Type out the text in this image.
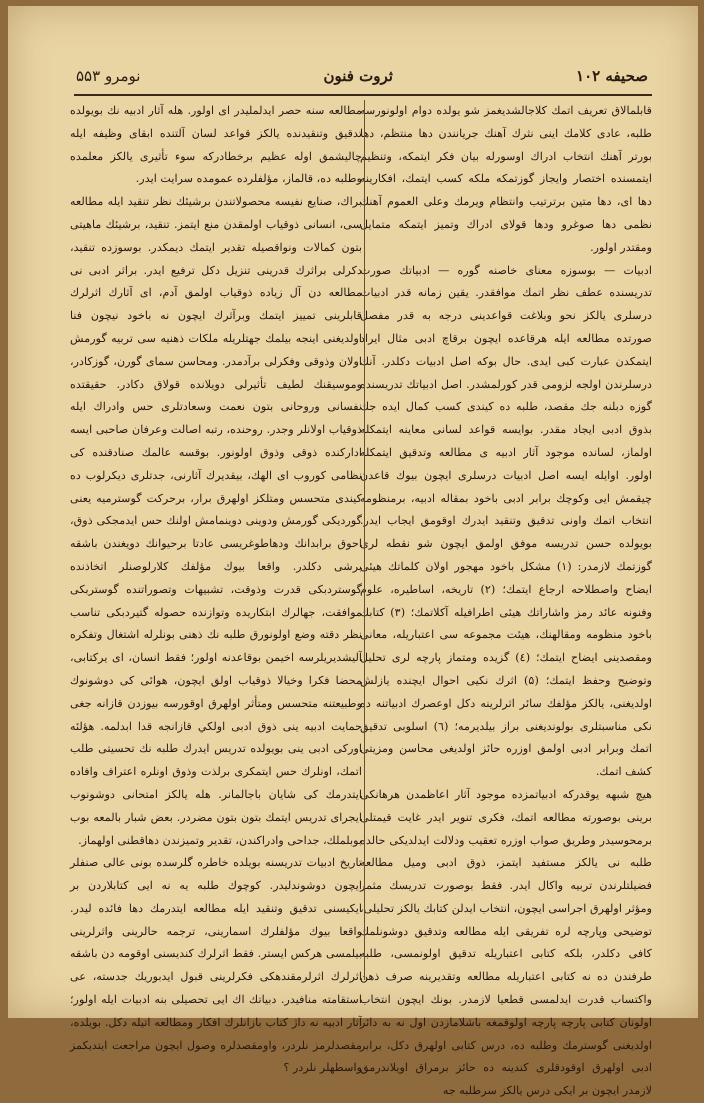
صحيفه ۱۰۲
ثروت فنون
نومرو ۵۵۳

قابلمالاق تعريف اتمك كلاجالشديغمز شو يولده دوام اولونورسه طلبه، عادى كلامك اينى نثرك آهنك جريانندن دها منتظم، دها بورتر آهنك انتخاب ادراك اوسورله بيان فكر ايتمكه، وتنظيم ايتمسنده اختصار وايجاز گوزتمكه ملكه كسب ايتمك، افكارينه دها اى، دها متين برترتيب وانتظام ويرمك وعلى العموم آهنك نظمى دها صوغرو ودها قولاى ادراك وتميز ايتمكه متمايل ومقتدر اولور.

ادبيات — بوسوزه معناى خاصنه گوره — ادبياتك صورت تدريسنده عطف نظر اتمك موافقدر. يقين زمانه قدر ادبيات درسلرى يالكز نحو وبلاغت قواعدينى درجه به قدر مفصل صورتده مطالعه ايله هرقاعده ايچون برقاچ ادبى مثال ايراد ايتمكدن عبارت كبى ايدى. حال بوكه اصل ادبيات دكلدر. آنك درسلرندن اولجه لزومى قدر كورلمشدر. اصل ادبياتك تدريسنده گوزه دبلنه جك مقصد، طلبه ده كيندى كسب كمال ايده جك بذوق ادبى ايجاد مقدر. بوايسه قواعد لسانى معاينه ايتمكله اولماز، لسانده موجود آثار ادبيه ى مطالعه وتدقيق ايتمكله اولور. اوايله ايسه اصل ادبيات درسلرى ايچون بيوك قاعدن چيقمش ايى وكوچك برابر ادبى باخود بمقاله ادبيه، برمنظومه انتخاب اتمك واونى تدقيق وتنقيد ايدرك اوقومق ايجاب ايدر. بويولده حسن تدريسه موفق اولمق ايچون شو نقطه لرى گوزتمك لازمدر: (۱) مشكل باخود مهجور اولان كلماتك هيئى ايضاح واصطلاحه ارجاع ايتمك؛ (۲) تاريخه، اساطيره، علوم وفنونه عائد رمز واشاراتك هيئى اطرافيله آكلاتمك؛ (۳) كتابك باخود منظومه ومقالهنك، هيئت مجموعه سى اعتباريله، معانى ومقصدينى ايضاح ايتمك؛ (٤) گزيده ومتماز پارچه لرى تحليل وتوضيح وحفظ ايتمك؛ (۵) اثرك نكيى احوال ايچنده يازلش اولديغنى، يالكز مؤلفك سائر اثرلرينه دكل اوعصرك ادبياتنه ده نكى مناسبتلرى بولونديغنى براز بيلديرمه؛ (٦) اسلوبى تدقيق اتمك وبرابر ادبى اولمق اوزره حائز اولديغى محاسن ومزيتى كشف اتمك.

هيچ شبهه يوقدركه ادبياتمزده موجود آثار اعاظمدن هرهانكى برينى بوصورته مطالعه اتمك، فكرى تنوير ايدر غايت قيمتلى برمحوسيدر وطريق صواب اوزره تعقيب ودلالت ايدلديكى حالده طلبه نى يالكز مستفيد ايتمز، ذوق ادبى وميل مطالعه فضيلتلرندن تربيه واكال ايدر. فقط بوصورت تدريسك مثمر ومؤثر اولهرق اجراسى ايچون، انتخاب ايدلن كتابك يالكز تحليلى، توضيحى وپارچه لره تفريقى ايله مطالعه وتدقيق دوشونلمك كافى دكلدر، بلكه كتابى اعتباريله تدقيق اولونمسى، طلبه طرفندن ده نه كتابى اعتباريله مطالعه وتقديرينه صرف ذهن واكتساب قدرت ايدلمسى قطعيا لازمدر. بونك ايچون انتخاب اولونان كتابى پارچه پارچه اولوقمغه باشلامازدن اول نه به دائر اولديغنى گوسترمك وطلبه ده، درس كتابى اولهرق دكل، برابر ادبى اولهرق اوقودقلرى كندينه ده حائز برمراق اويلاندرمق لازمدر ايچون بر ايكى درس يالكز سرطلبه جه

مطالعه سنه حصر ايدلمليدر اى اولور. هله آثار ادبيه نك بويولده تدقيق وتنقيدنده يالكز قواعد لسان آلتنده ابقاى وظيفه ايله چاليشمق اوله عظيم برخطادركه سوء تأثيرى يالكز معلمده وطلبه ده، قالماز، مؤلفلرده عمومده سرايت ايدر.

براك، صنايع نفيسه محصولاتندن برشيئك نظر تنقيد ايله مطالعه سى، انسانى ذوقياب اولمقدن منع ايتمز. تنقيد، برشيئك ماهيتى بتون كمالات ونواقصيله تقدير ايتمك ديمكدر. بوسوزده تنقيد، دكرلى براثرك قدرينى تنزيل دكل ترفيع ايدر. براثر ادبى نى مطالعه دن آل زياده ذوقياب اولمق آدم، اى آثارك اثرلرك قابلرينى تمييز ايتمك وبرآثرك ايچون نه باخود نيچون فنا اولديغنى اينجه بيلمك جهتلريله ملكات ذهنيه سى تربيه گورمش اولان وذوقى وفكرلى برآدمدر. ومحاسن سماى گورن، گوزكادر، وموسيقنك لطيف تأثيرلى دويلانده قولاق دكادر. حقيقتده نفسانى وروحانى بتون نعمت وسعادتلرى حس وادراك ايله ذوقياب اولانلر وجدر. روحنده، رتبه اصالت وعرفان صاحبى ايسه اداركنده ذوقى وذوق اولونور. بوقسه عالمك صنادقنده كى نظامى كوروب اى الهك، بيقديرك آثارنى، جدتلرى ديكرلوب ده كيندى متحسس ومتلكز اولهرق برار، برحركت گوسترميه يعنى گورديكى گورمش ودوينى دوينمامش اولنك حس ايدمجكى ذوق، احوق برابدانك ودهاطوغريسى عادتا برحيوانك دويغندن باشقه برشى دكلدر. واقعا بيوك مؤلفك كلارلوصنلر اتخاذنده گوستردبكى قدرت وذوقت، تشبيهات وتصوراتنده گوستربكى موافقت، جهالرك ابتكاريده وتوازنده حصوله گتيردبكى تناسب نظر دقته وضع اولونورق طلبه نك ذهنى بونلرله اشتغال وتفكره آليشديريلرسه اخيمن بوقاعدنه اولور؛ فقط انسان، اى يركتابى، محضا فكرا وخيالا ذوقياب اولق ايچون، هوائى كى دوشونوك وطبيعتنه متحسس ومتأثر اولهرق اوقورسه بيوزدن قازانه جغى حمايت ادبيه ينى ذوق ادبى اولكي قازانجه قدا ابدلمه. هؤلئه اوركى ادبى ينى بويولده تدريس ايدرك طلبه نك تحسيتى طلب اتمك، اونلرك حس ايتمكرى برلذت وذوق اونلره اعتراف وافاده ايتدرمك كى شايان باجالمانر. هله يالكز امتحانى دوشونوب ايجراى تدريس ايتمك بتون بتون مضردر. بعض شبار بالمعه بوب بوبلملك، جداحى وادراكندن، تقدير وتميزندن دهاقطنى اولهماز.

تاريخ ادبيات تدريسنه بويلده خاطره گلرسده بونى عالى صنفلر ايچون دوشوندليدر. كوچوك طلبه يه نه ايى كتابلاردن بر ايكيسنى تدقيق وتنقيد ايله مطالعه ايتدرمك دها فائده ليدر. واقعا بيوك مؤلفلرك اسمارينى، ترجمه حالرينى واثرلرينى بيلمسى هركس ايستر. فقط اثرلرك كنديسنى اوقومه دن باشقه اثرلرك اثرلرمقندهكى فكرلرينى قبول ايدبوريك جدسته، عى استقامته منافيدر. دبياتك اك ايى تحصيلى بنه ادبيات ايله اولور؛ آثار ادبيه نه داژ كتاب بازانلرك افكار ومطالعه اتيله دكل. بويلده، مقصدلرمز نلردر، واومقصدلره وصول ايچون مراجعت ايتديكمز واسطهلر نلردر ؟
